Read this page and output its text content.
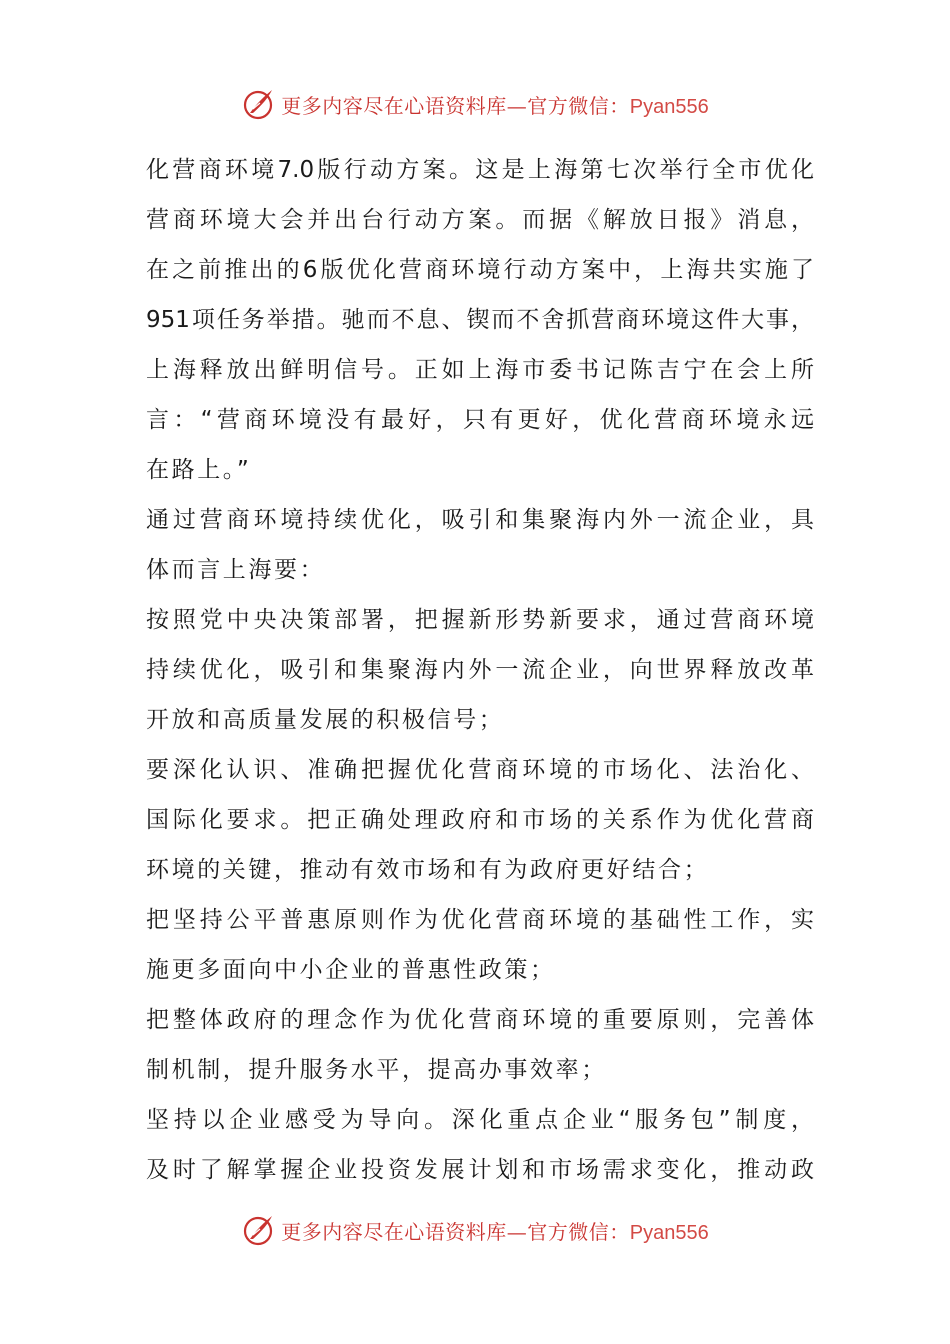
更多内容尽在心语资料库—官方微信：Pyan556
化营商环境7.0版行动方案。这是上海第七次举行全市优化
营商环境大会并出台行动方案。而据《解放日报》消息，
在之前推出的6版优化营商环境行动方案中，上海共实施了
951项任务举措。驰而不息、锲而不舍抓营商环境这件大事，
上海释放出鲜明信号。正如上海市委书记陈吉宁在会上所
言：“营商环境没有最好，只有更好，优化营商环境永远
在路上。”
通过营商环境持续优化，吸引和集聚海内外一流企业，具
体而言上海要：
按照党中央决策部署，把握新形势新要求，通过营商环境
持续优化，吸引和集聚海内外一流企业，向世界释放改革
开放和高质量发展的积极信号；
要深化认识、准确把握优化营商环境的市场化、法治化、
国际化要求。把正确处理政府和市场的关系作为优化营商
环境的关键，推动有效市场和有为政府更好结合；
把坚持公平普惠原则作为优化营商环境的基础性工作，实
施更多面向中小企业的普惠性政策；
把整体政府的理念作为优化营商环境的重要原则，完善体
制机制，提升服务水平，提高办事效率；
坚持以企业感受为导向。深化重点企业“服务包”制度，
及时了解掌握企业投资发展计划和市场需求变化，推动政
更多内容尽在心语资料库—官方微信：Pyan556
